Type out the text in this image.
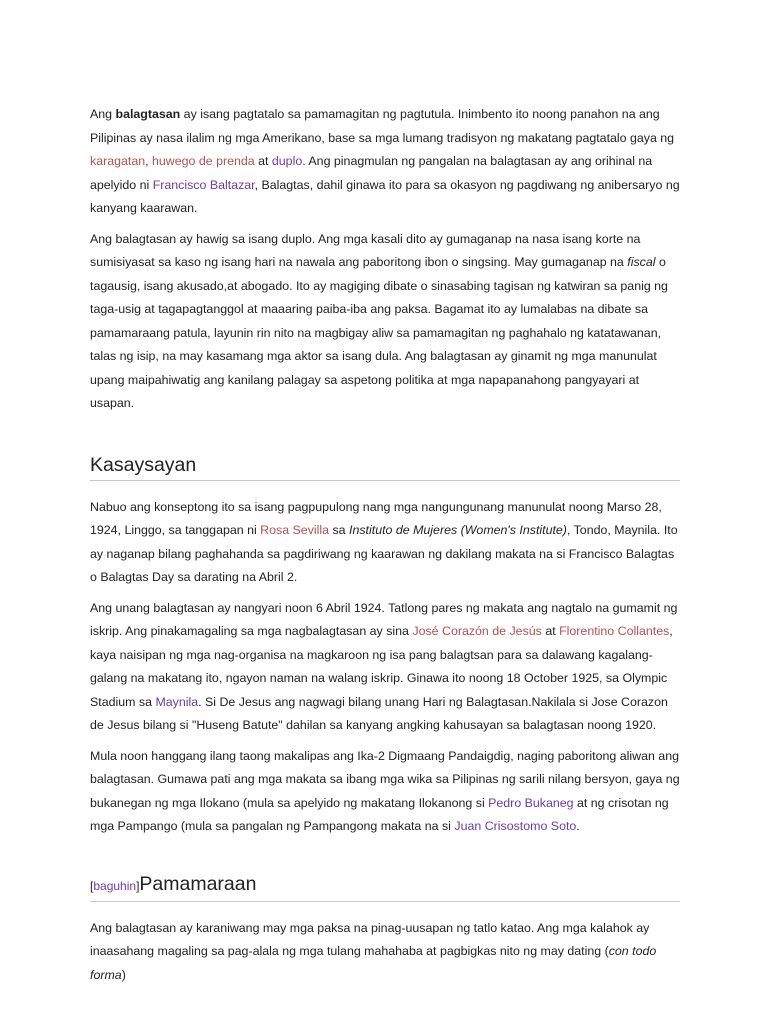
Ang balagtasan ay isang pagtatalo sa pamamagitan ng pagtutula. Inimbento ito noong panahon na ang Pilipinas ay nasa ilalim ng mga Amerikano, base sa mga lumang tradisyon ng makatang pagtatalo gaya ng karagatan, huwego de prenda at duplo. Ang pinagmulan ng pangalan na balagtasan ay ang orihinal na apelyido ni Francisco Baltazar, Balagtas, dahil ginawa ito para sa okasyon ng pagdiwang ng anibersaryo ng kanyang kaarawan.

Ang balagtasan ay hawig sa isang duplo. Ang mga kasali dito ay gumaganap na nasa isang korte na sumisiyasat sa kaso ng isang hari na nawala ang paboritong ibon o singsing. May gumaganap na fiscal o tagausig, isang akusado,at abogado. Ito ay magiging dibate o sinasabing tagisan ng katwiran sa panig ng taga-usig at tagapagtanggol at maaaring paiba-iba ang paksa. Bagamat ito ay lumalabas na dibate sa pamamaraang patula, layunin rin nito na magbigay aliw sa pamamagitan ng paghahalo ng katatawanan, talas ng isip, na may kasamang mga aktor sa isang dula. Ang balagtasan ay ginamit ng mga manunulat upang maipahiwatig ang kanilang palagay sa aspetong politika at mga napapanahong pangyayari at usapan.

Kasaysayan

Nabuo ang konseptong ito sa isang pagpupulong nang mga nangungunang manunulat noong Marso 28, 1924, Linggo, sa tanggapan ni Rosa Sevilla sa Instituto de Mujeres (Women's Institute), Tondo, Maynila. Ito ay naganap bilang paghahanda sa pagdiriwang ng kaarawan ng dakilang makata na si Francisco Balagtas o Balagtas Day sa darating na Abril 2.

Ang unang balagtasan ay nangyari noon 6 Abril 1924. Tatlong pares ng makata ang nagtalo na gumamit ng iskrip. Ang pinakamagaling sa mga nagbalagtasan ay sina José Corazón de Jesús at Florentino Collantes, kaya naisipan ng mga nag-organisa na magkaroon ng isa pang balagtsan para sa dalawang kagalang-galang na makatang ito, ngayon naman na walang iskrip. Ginawa ito noong 18 October 1925, sa Olympic Stadium sa Maynila. Si De Jesus ang nagwagi bilang unang Hari ng Balagtasan.Nakilala si Jose Corazon de Jesus bilang si "Huseng Batute" dahilan sa kanyang angking kahusayan sa balagtasan noong 1920.

Mula noon hanggang ilang taong makalipas ang Ika-2 Digmaang Pandaigdig, naging paboritong aliwan ang balagtasan. Gumawa pati ang mga makata sa ibang mga wika sa Pilipinas ng sarili nilang bersyon, gaya ng bukanegan ng mga Ilokano (mula sa apelyido ng makatang Ilokanong si Pedro Bukaneg at ng crisotan ng mga Pampango (mula sa pangalan ng Pampangong makata na si Juan Crisostomo Soto.

[baguhin]Pamamaraan

Ang balagtasan ay karaniwang may mga paksa na pinag-uusapan ng tatlo katao. Ang mga kalahok ay inaasahang magaling sa pag-alala ng mga tulang mahahaba at pagbigkas nito ng may dating (con todo forma)
